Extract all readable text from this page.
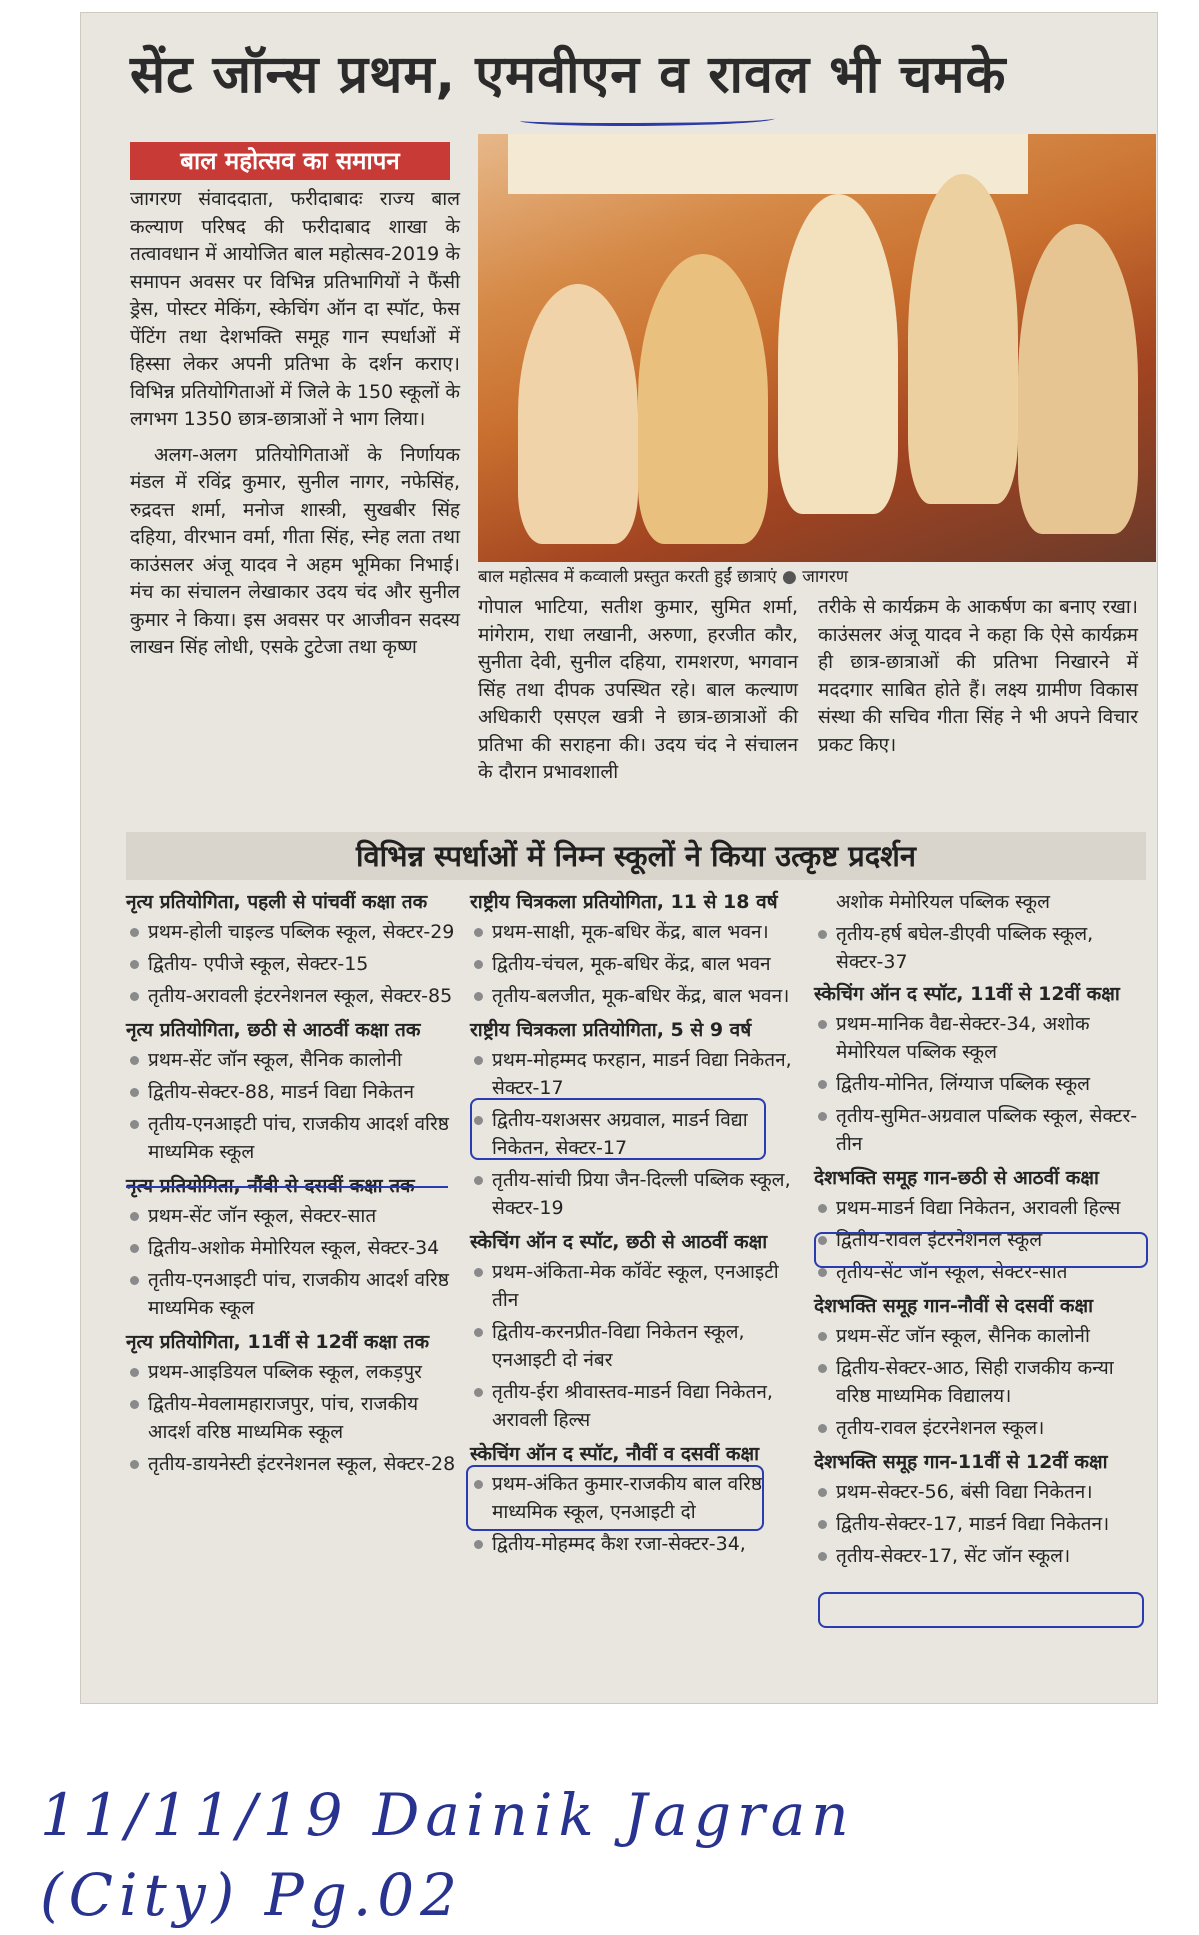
सेंट जॉन्स प्रथम, एमवीएन व रावल भी चमके
बाल महोत्सव का समापन

जागरण संवाददाता, फरीदाबादः राज्य बाल कल्याण परिषद की फरीदाबाद शाखा के तत्वावधान में आयोजित बाल महोत्सव-2019 के समापन अवसर पर विभिन्न प्रतिभागियों ने फैंसी ड्रेस, पोस्टर मेकिंग, स्केचिंग ऑन दा स्पॉट, फेस पेंटिंग तथा देशभक्ति समूह गान स्पर्धाओं में हिस्सा लेकर अपनी प्रतिभा के दर्शन कराए। विभिन्न प्रतियोगिताओं में जिले के 150 स्कूलों के लगभग 1350 छात्र-छात्राओं ने भाग लिया।

अलग-अलग प्रतियोगिताओं के निर्णायक मंडल में रविंद्र कुमार, सुनील नागर, नफेसिंह, रुद्रदत्त शर्मा, मनोज शास्त्री, सुखबीर सिंह दहिया, वीरभान वर्मा, गीता सिंह, स्नेह लता तथा काउंसलर अंजू यादव ने अहम भूमिका निभाई। मंच का संचालन लेखाकार उदय चंद और सुनील कुमार ने किया। इस अवसर पर आजीवन सदस्य लाखन सिंह लोधी, एसके टुटेजा तथा कृष्ण

बाल महोत्सव में कव्वाली प्रस्तुत करती हुईं छात्राएं ● जागरण

गोपाल भाटिया, सतीश कुमार, सुमित शर्मा, मांगेराम, राधा लखानी, अरुणा, हरजीत कौर, सुनीता देवी, सुनील दहिया, रामशरण, भगवान सिंह तथा दीपक उपस्थित रहे। बाल कल्याण अधिकारी एसएल खत्री ने छात्र-छात्राओं की प्रतिभा की सराहना की। उदय चंद ने संचालन के दौरान प्रभावशाली

तरीके से कार्यक्रम के आकर्षण का बनाए रखा। काउंसलर अंजू यादव ने कहा कि ऐसे कार्यक्रम ही छात्र-छात्राओं की प्रतिभा निखारने में मददगार साबित होते हैं। लक्ष्य ग्रामीण विकास संस्था की सचिव गीता सिंह ने भी अपने विचार प्रकट किए।

विभिन्न स्पर्धाओं में निम्न स्कूलों ने किया उत्कृष्ट प्रदर्शन
नृत्य प्रतियोगिता, पहली से पांचवीं कक्षा तक
प्रथम-होली चाइल्ड पब्लिक स्कूल, सेक्टर-29
द्वितीय- एपीजे स्कूल, सेक्टर-15
तृतीय-अरावली इंटरनेशनल स्कूल, सेक्टर-85
नृत्य प्रतियोगिता, छठी से आठवीं कक्षा तक
प्रथम-सेंट जॉन स्कूल, सैनिक कालोनी
द्वितीय-सेक्टर-88, माडर्न विद्या निकेतन
तृतीय-एनआइटी पांच, राजकीय आदर्श वरिष्ठ माध्यमिक स्कूल
नृत्य प्रतियोगिता, नौंवी से दसवीं कक्षा तक
प्रथम-सेंट जॉन स्कूल, सेक्टर-सात
द्वितीय-अशोक मेमोरियल स्कूल, सेक्टर-34
तृतीय-एनआइटी पांच, राजकीय आदर्श वरिष्ठ माध्यमिक स्कूल
नृत्य प्रतियोगिता, 11वीं से 12वीं कक्षा तक
प्रथम-आइडियल पब्लिक स्कूल, लकड़पुर
द्वितीय-मेवलामहाराजपुर, पांच, राजकीय आदर्श वरिष्ठ माध्यमिक स्कूल
तृतीय-डायनेस्टी इंटरनेशनल स्कूल, सेक्टर-28
राष्ट्रीय चित्रकला प्रतियोगिता, 11 से 18 वर्ष
प्रथम-साक्षी, मूक-बधिर केंद्र, बाल भवन।
द्वितीय-चंचल, मूक-बधिर केंद्र, बाल भवन
तृतीय-बलजीत, मूक-बधिर केंद्र, बाल भवन।
राष्ट्रीय चित्रकला प्रतियोगिता, 5 से 9 वर्ष
प्रथम-मोहम्मद फरहान, माडर्न विद्या निकेतन, सेक्टर-17
द्वितीय-यशअसर अग्रवाल, माडर्न विद्या निकेतन, सेक्टर-17
तृतीय-सांची प्रिया जैन-दिल्ली पब्लिक स्कूल, सेक्टर-19
स्केचिंग ऑन द स्पॉट, छठी से आठवीं कक्षा
प्रथम-अंकिता-मेक कॉवेंट स्कूल, एनआइटी तीन
द्वितीय-करनप्रीत-विद्या निकेतन स्कूल, एनआइटी दो नंबर
तृतीय-ईरा श्रीवास्तव-माडर्न विद्या निकेतन, अरावली हिल्स
स्केचिंग ऑन द स्पॉट, नौवीं व दसवीं कक्षा
प्रथम-अंकित कुमार-राजकीय बाल वरिष्ठ माध्यमिक स्कूल, एनआइटी दो
द्वितीय-मोहम्मद कैश रजा-सेक्टर-34,
अशोक मेमोरियल पब्लिक स्कूल
तृतीय-हर्ष बघेल-डीएवी पब्लिक स्कूल, सेक्टर-37
स्केचिंग ऑन द स्पॉट, 11वीं से 12वीं कक्षा
प्रथम-मानिक वैद्य-सेक्टर-34, अशोक मेमोरियल पब्लिक स्कूल
द्वितीय-मोनित, लिंग्याज पब्लिक स्कूल
तृतीय-सुमित-अग्रवाल पब्लिक स्कूल, सेक्टर-तीन
देशभक्ति समूह गान-छठी से आठवीं कक्षा
प्रथम-माडर्न विद्या निकेतन, अरावली हिल्स
द्वितीय-रावल इंटरनेशनल स्कूल
तृतीय-सेंट जॉन स्कूल, सेक्टर-सात
देशभक्ति समूह गान-नौवीं से दसवीं कक्षा
प्रथम-सेंट जॉन स्कूल, सैनिक कालोनी
द्वितीय-सेक्टर-आठ, सिही राजकीय कन्या वरिष्ठ माध्यमिक विद्यालय।
तृतीय-रावल इंटरनेशनल स्कूल।
देशभक्ति समूह गान-11वीं से 12वीं कक्षा
प्रथम-सेक्टर-56, बंसी विद्या निकेतन।
द्वितीय-सेक्टर-17, माडर्न विद्या निकेतन।
तृतीय-सेक्टर-17, सेंट जॉन स्कूल।
11/11/19 Dainik Jagran (City) Pg.02
